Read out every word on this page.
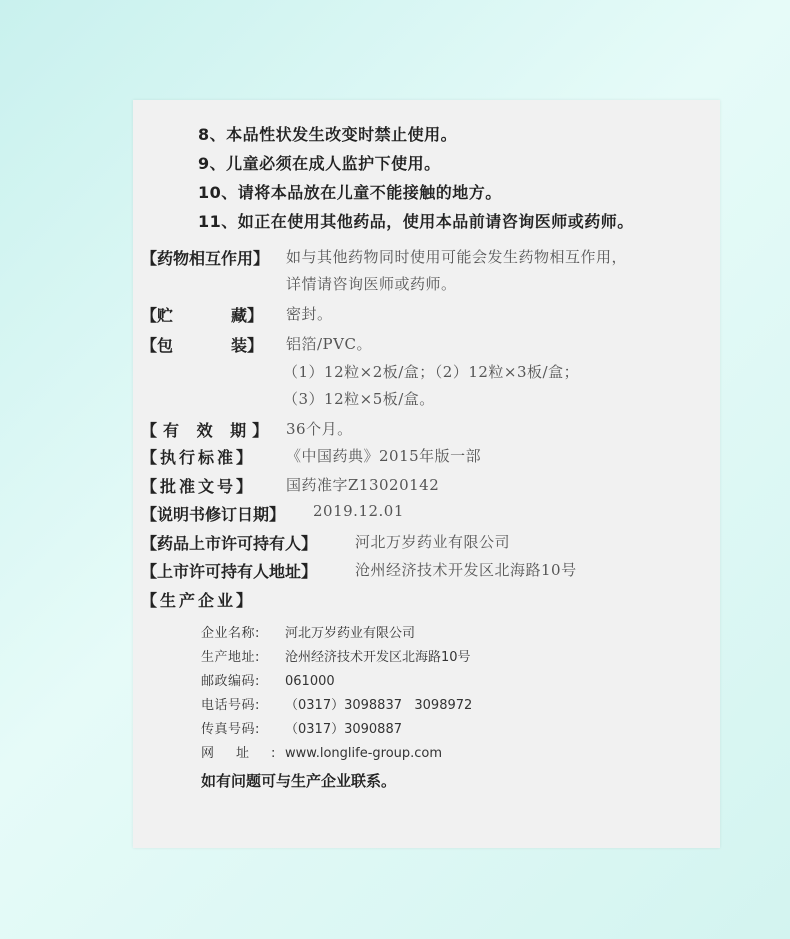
8、本品性状发生改变时禁止使用。
9、儿童必须在成人监护下使用。
10、请将本品放在儿童不能接触的地方。
11、如正在使用其他药品，使用本品前请咨询医师或药师。
【药物相互作用】 如与其他药物同时使用可能会发生药物相互作用，
详情请咨询医师或药师。
【贮	藏】 密封。
【包	装】 铝箔/PVC。
（1）12粒×2板/盒；（2）12粒×3板/盒；
（3）12粒×5板/盒。
【有 效 期】 36个月。
【执行标准】 《中国药典》2015年版一部
【批准文号】 国药准字Z13020142
【说明书修订日期】 2019.12.01
【药品上市许可持有人】	河北万岁药业有限公司
【上市许可持有人地址】	沧州经济技术开发区北海路10号
【生产企业】
企业名称: 河北万岁药业有限公司
生产地址: 沧州经济技术开发区北海路10号
邮政编码: 061000
电话号码: （0317）3098837   3098972
传真号码: （0317）3090887
网址:www.longlife-group.com
如有问题可与生产企业联系。
